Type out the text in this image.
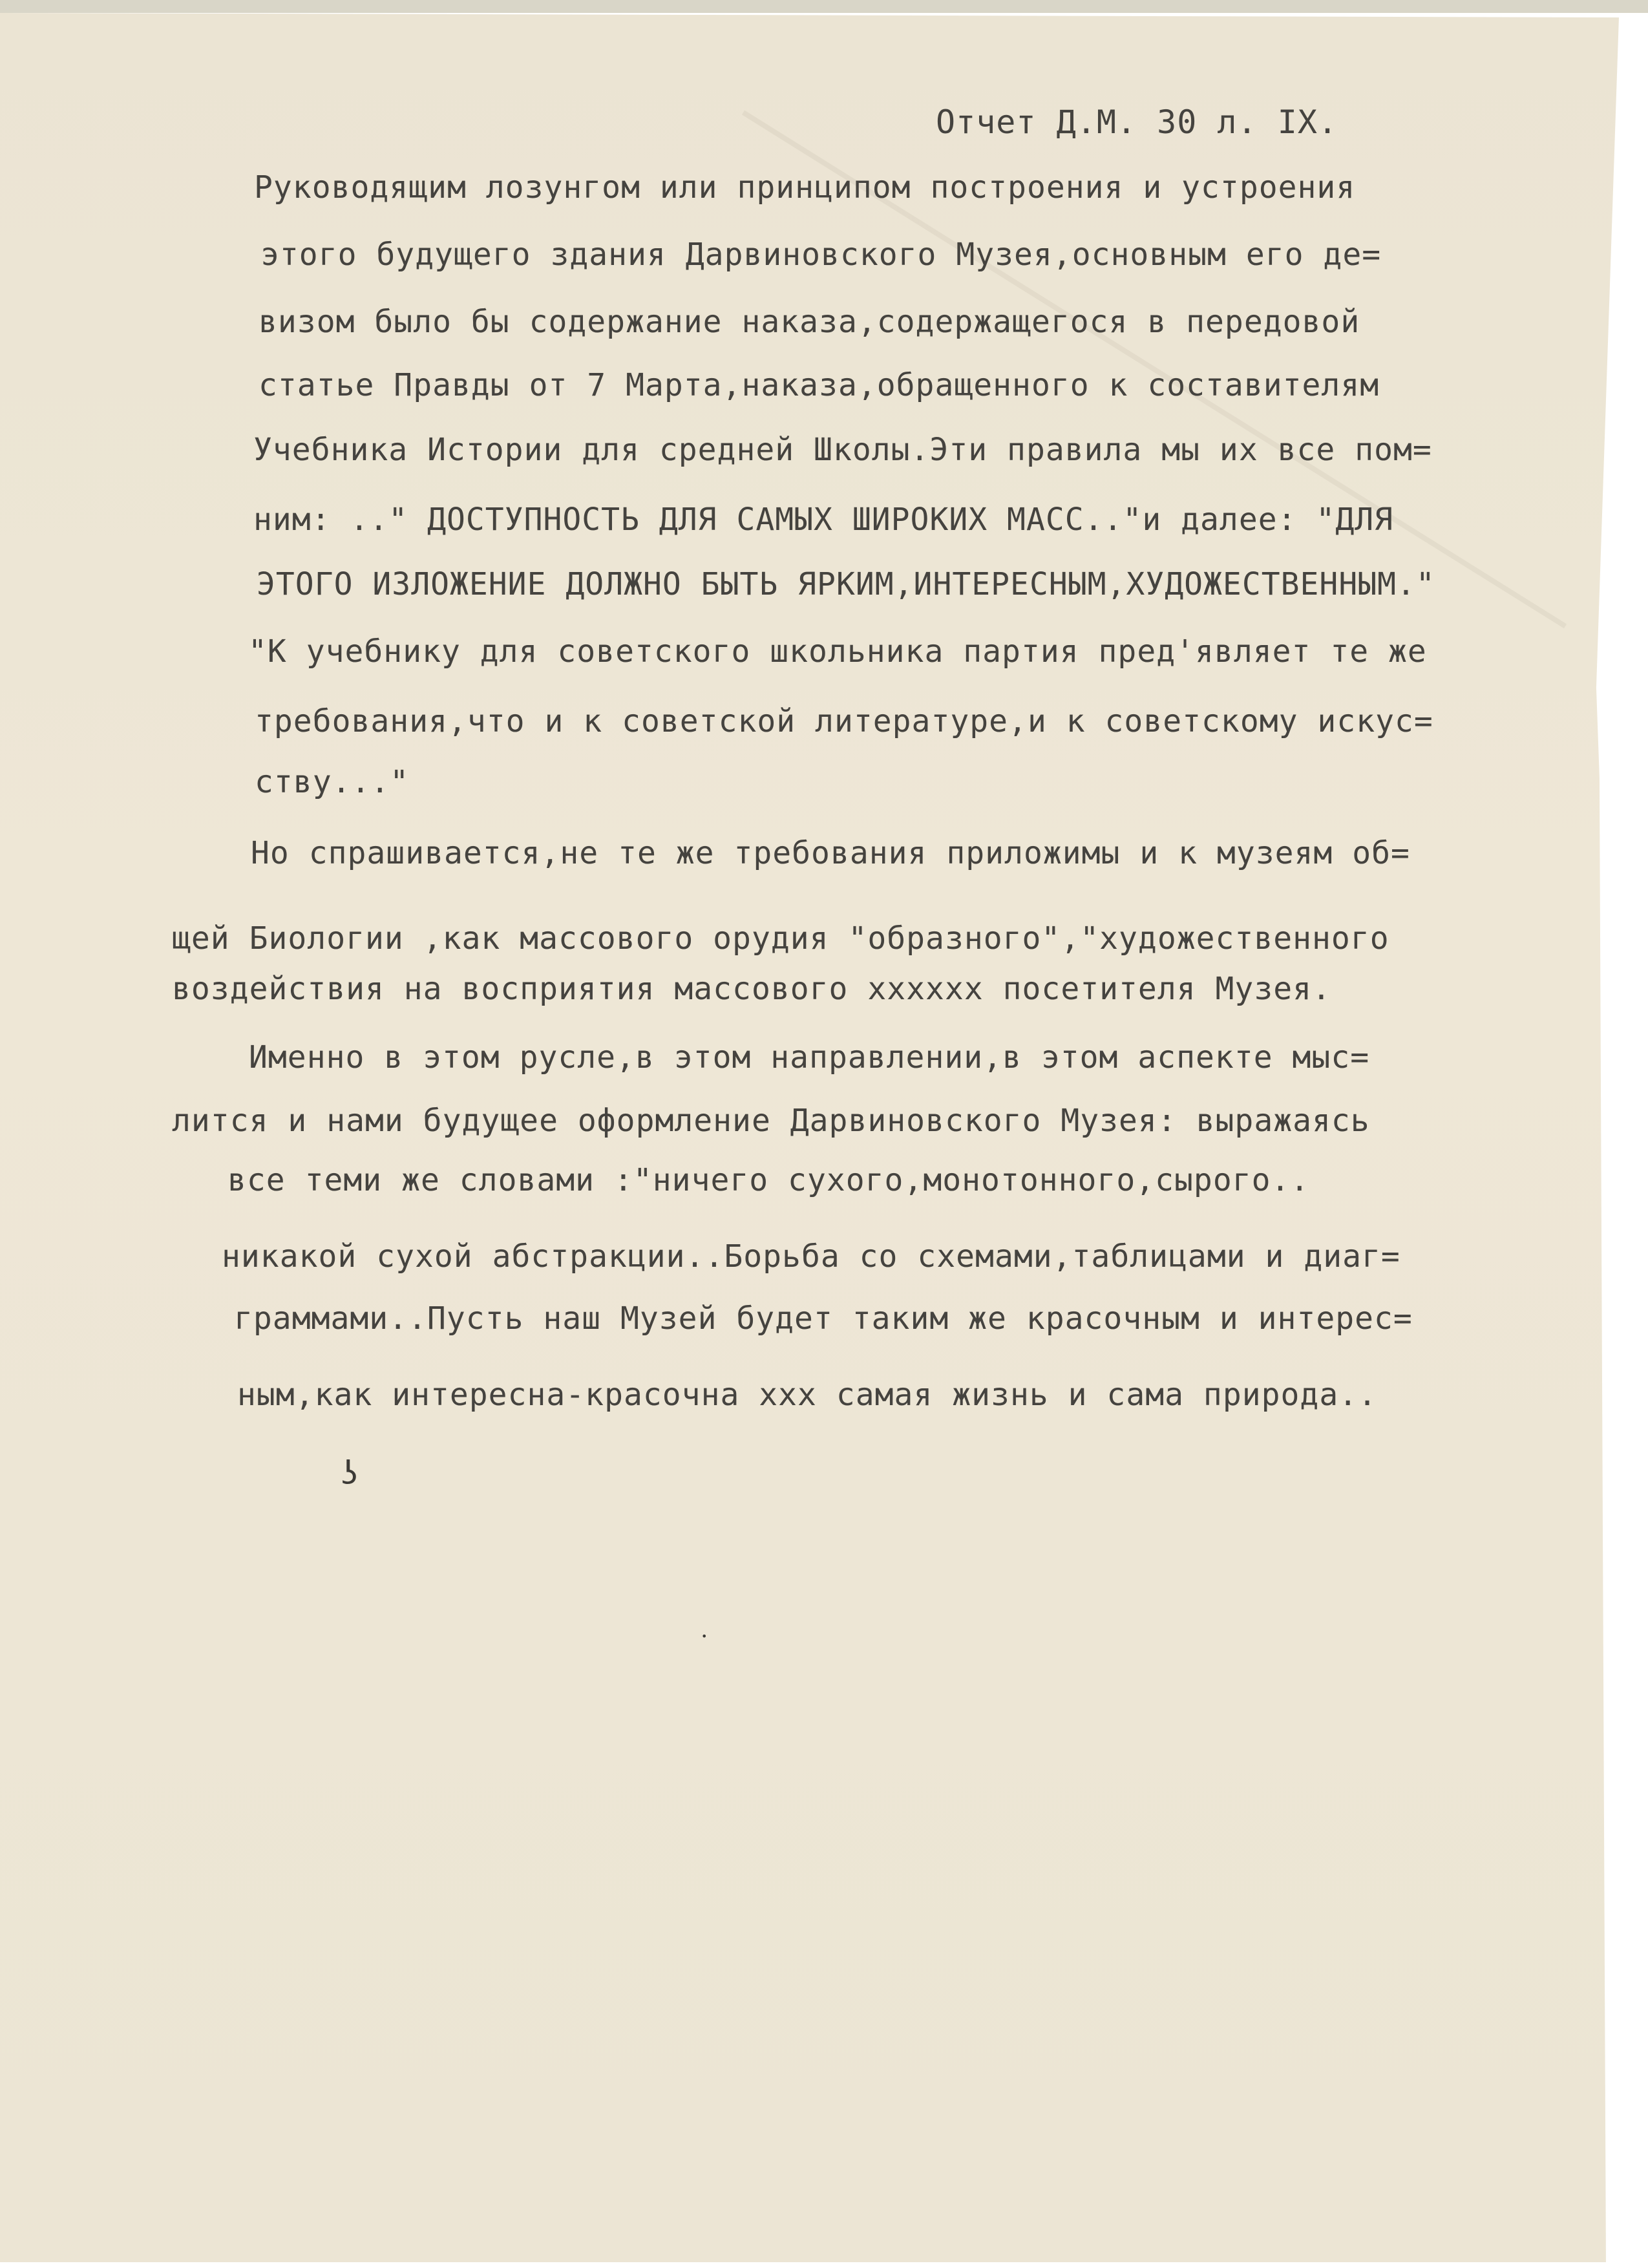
Отчет Д.М. 30 л. IX.
Руководящим лозунгом или принципом построения и устроения
этого будущего здания Дарвиновского Музея,основным его де=
визом было бы содержание наказа,содержащегося в передовой
статье Правды от 7 Марта,наказа,обращенного к составителям
Учебника Истории для средней Школы.Эти правила мы их все пом=
ним: .." ДОСТУПНОСТЬ ДЛЯ САМЫХ ШИРОКИХ МАСС.."и далее: "ДЛЯ
ЭТОГО ИЗЛОЖЕНИЕ ДОЛЖНО БЫТЬ ЯРКИМ,ИНТЕРЕСНЫМ,ХУДОЖЕСТВЕННЫМ."
"К учебнику для советского школьника партия пред'являет те же
требования,что и к советской литературе,и к советскому искус=
ству..."
Но спрашивается,не те же требования приложимы и к музеям об=
щей Биологии ,как массового орудия "образного","художественного
воздействия на восприятия массового хххххх посетителя Музея.
Именно в этом русле,в этом направлении,в этом аспекте мыс=
лится и нами будущее оформление Дарвиновского Музея: выражаясь
все теми же словами :"ничего сухого,монотонного,сырого..
никакой сухой абстракции..Борьба со схемами,таблицами и диаг=
граммами..Пусть наш Музей будет таким же красочным и интерес=
ным,как интересна-красочна ххх самая жизнь и сама природа..
ʖ
•
